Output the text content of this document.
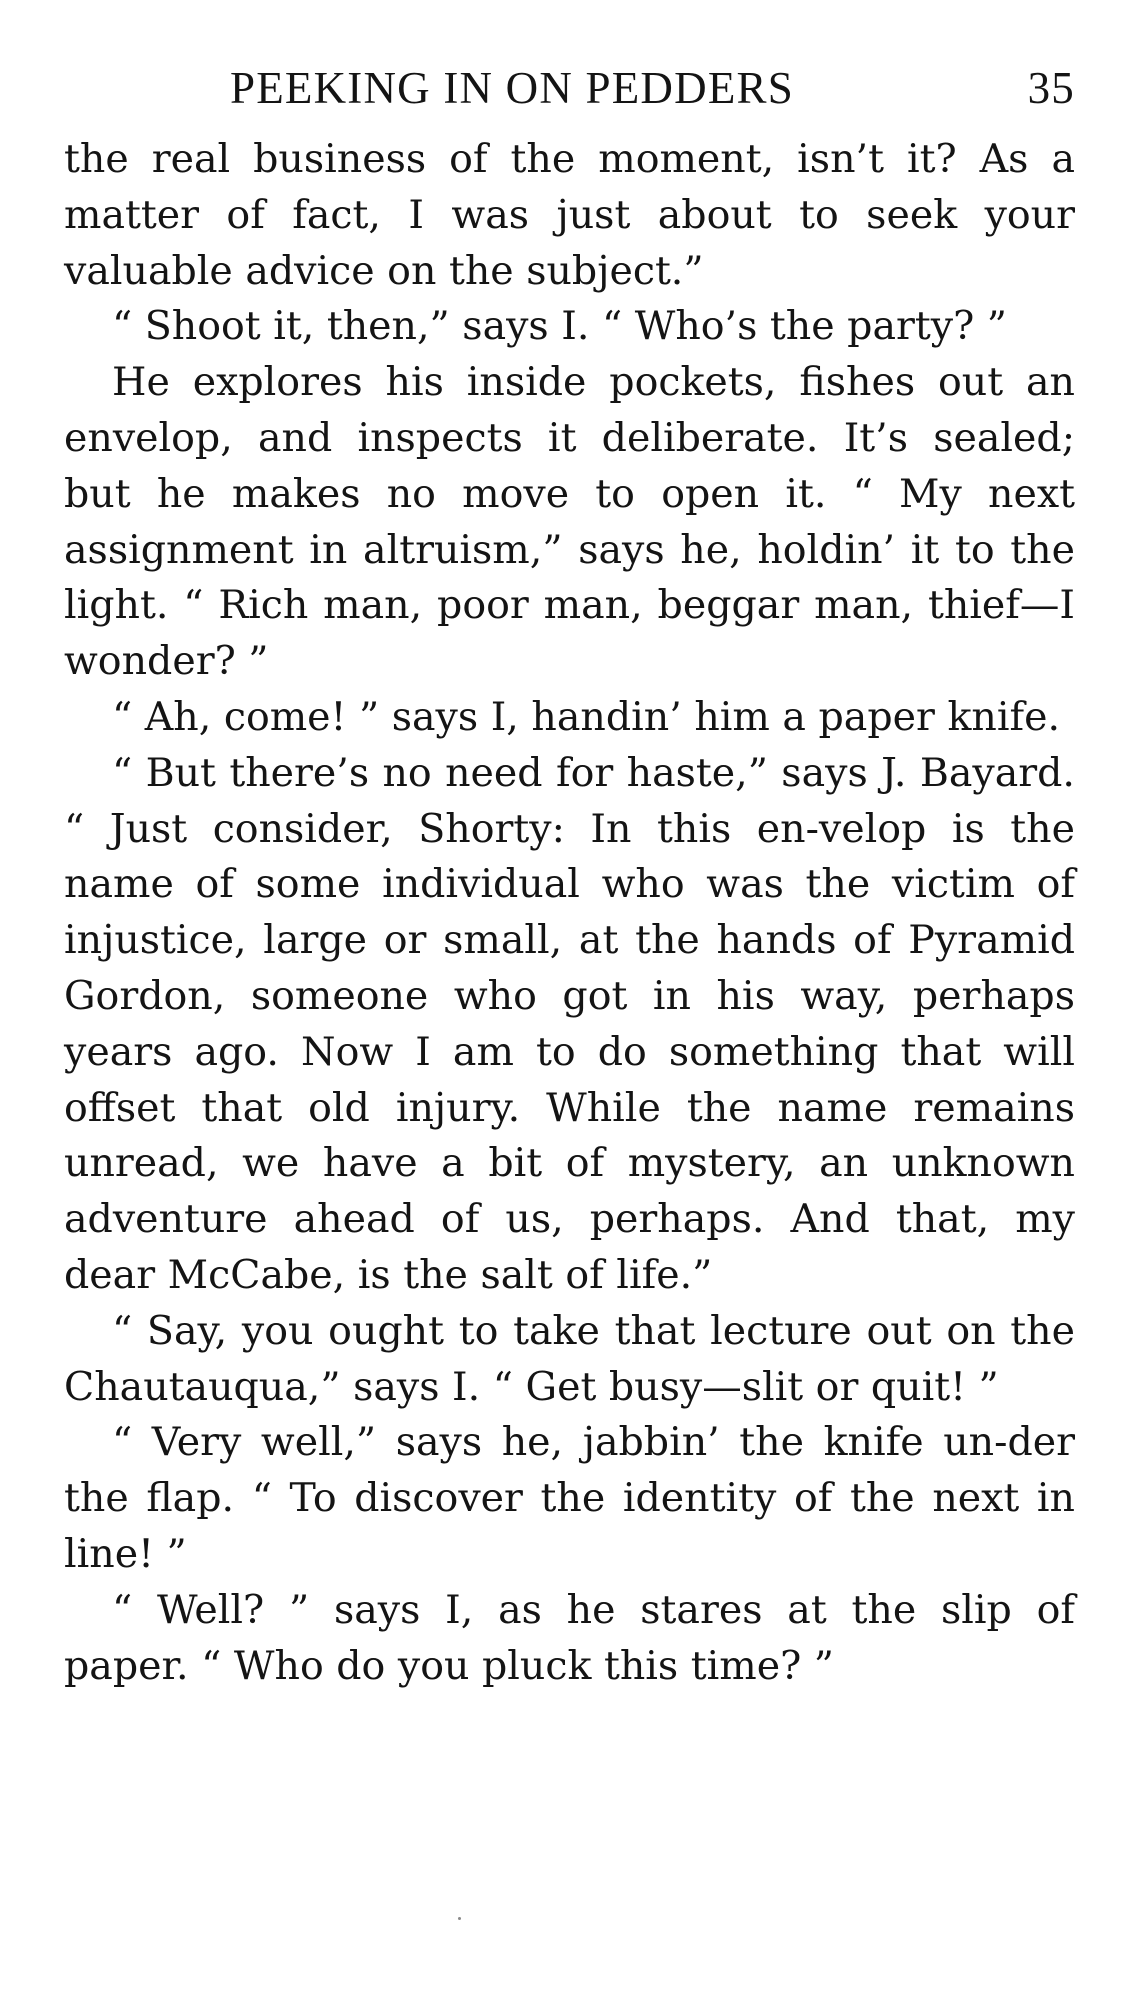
PEEKING IN ON PEDDERS	35

the real business of the moment, isn’t it? As a matter of fact, I was just about to seek your valuable advice on the subject.”

“ Shoot it, then,” says I. “ Who’s the party? ”

He explores his inside pockets, fishes out an envelop, and inspects it deliberate. It’s sealed; but he makes no move to open it. “ My next assignment in altruism,” says he, holdin’ it to the light. “ Rich man, poor man, beggar man, thief—I wonder? ”

“ Ah, come! ” says I, handin’ him a paper knife.

“ But there’s no need for haste,” says J. Bayard. “ Just consider, Shorty: In this en-velop is the name of some individual who was the victim of injustice, large or small, at the hands of Pyramid Gordon, someone who got in his way, perhaps years ago. Now I am to do something that will offset that old injury. While the name remains unread, we have a bit of mystery, an unknown adventure ahead of us, perhaps. And that, my dear McCabe, is the salt of life.”

“ Say, you ought to take that lecture out on the Chautauqua,” says I. “ Get busy—slit or quit! ”

“ Very well,” says he, jabbin’ the knife un-der the flap. “ To discover the identity of the next in line! ”

“ Well? ” says I, as he stares at the slip of paper. “ Who do you pluck this time? ”
